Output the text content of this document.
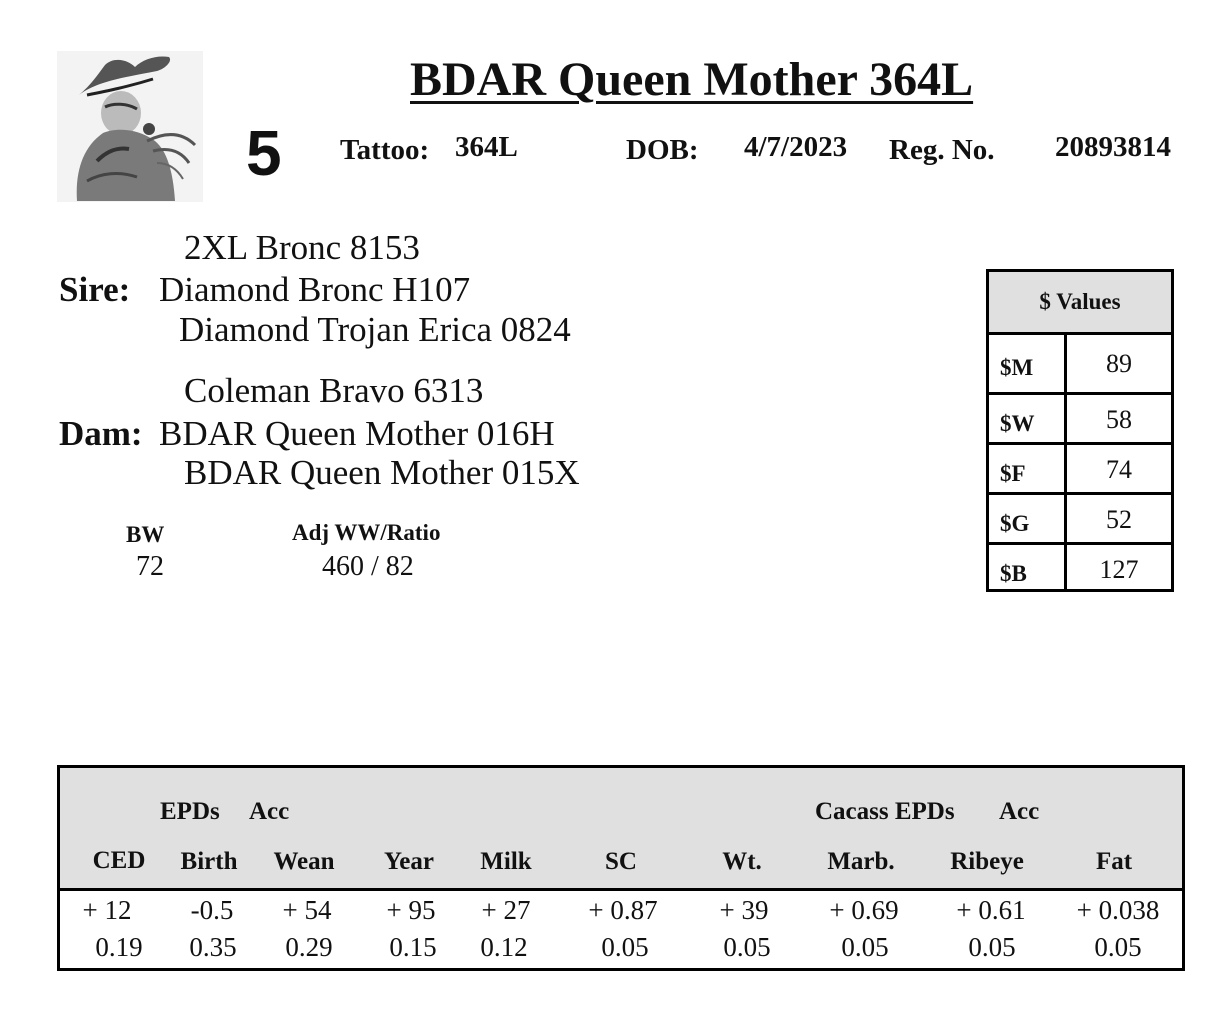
BDAR Queen Mother 364L
5 Tattoo: 364L	DOB: 4/7/2023 Reg. No. 20893814
2XL Bronc 8153
Sire: Diamond Bronc H107
Diamond Trojan Erica 0824
Coleman Bravo 6313
Dam: BDAR Queen Mother 016H
BDAR Queen Mother 015X
BW
72
Adj WW/Ratio
460 / 82
$ Values
$M	89
$W	58
$F	74
$G	52
$B	127
EPDs Acc	Cacass EPDs Acc
CED Birth Wean Year Milk	SC	Wt.	Marb. Ribeye	Fat
+ 12 -0.5 + 54 + 95 + 27 + 0.87 + 39 + 0.69 + 0.61 + 0.038
0.19 0.35 0.29 0.15 0.12	0.05	0.05	0.05	0.05	0.05
